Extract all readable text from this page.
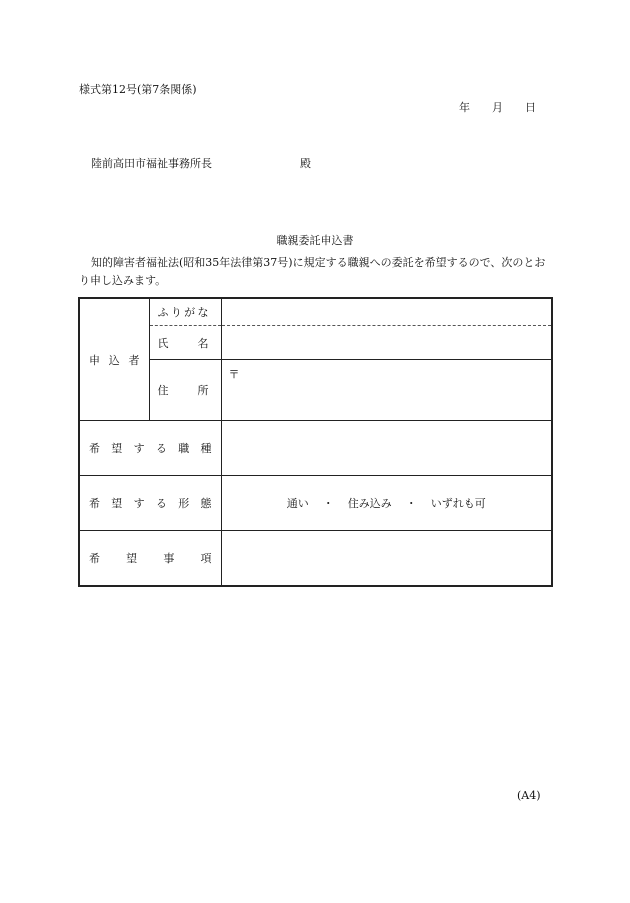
様式第12号(第7条関係)
年 月 日
陸前高田市福祉事務所長	殿
職親委託申込書
知的障害者福祉法(昭和35年法律第37号)に規定する職親への委託を希望するので、次のとおり申し込みます。
申込者	ふりがな	
	氏名	
	住所	〒
希望する職種		
希望する形態		通い ・ 住み込み ・ いずれも可
希望事項		
(A4)
